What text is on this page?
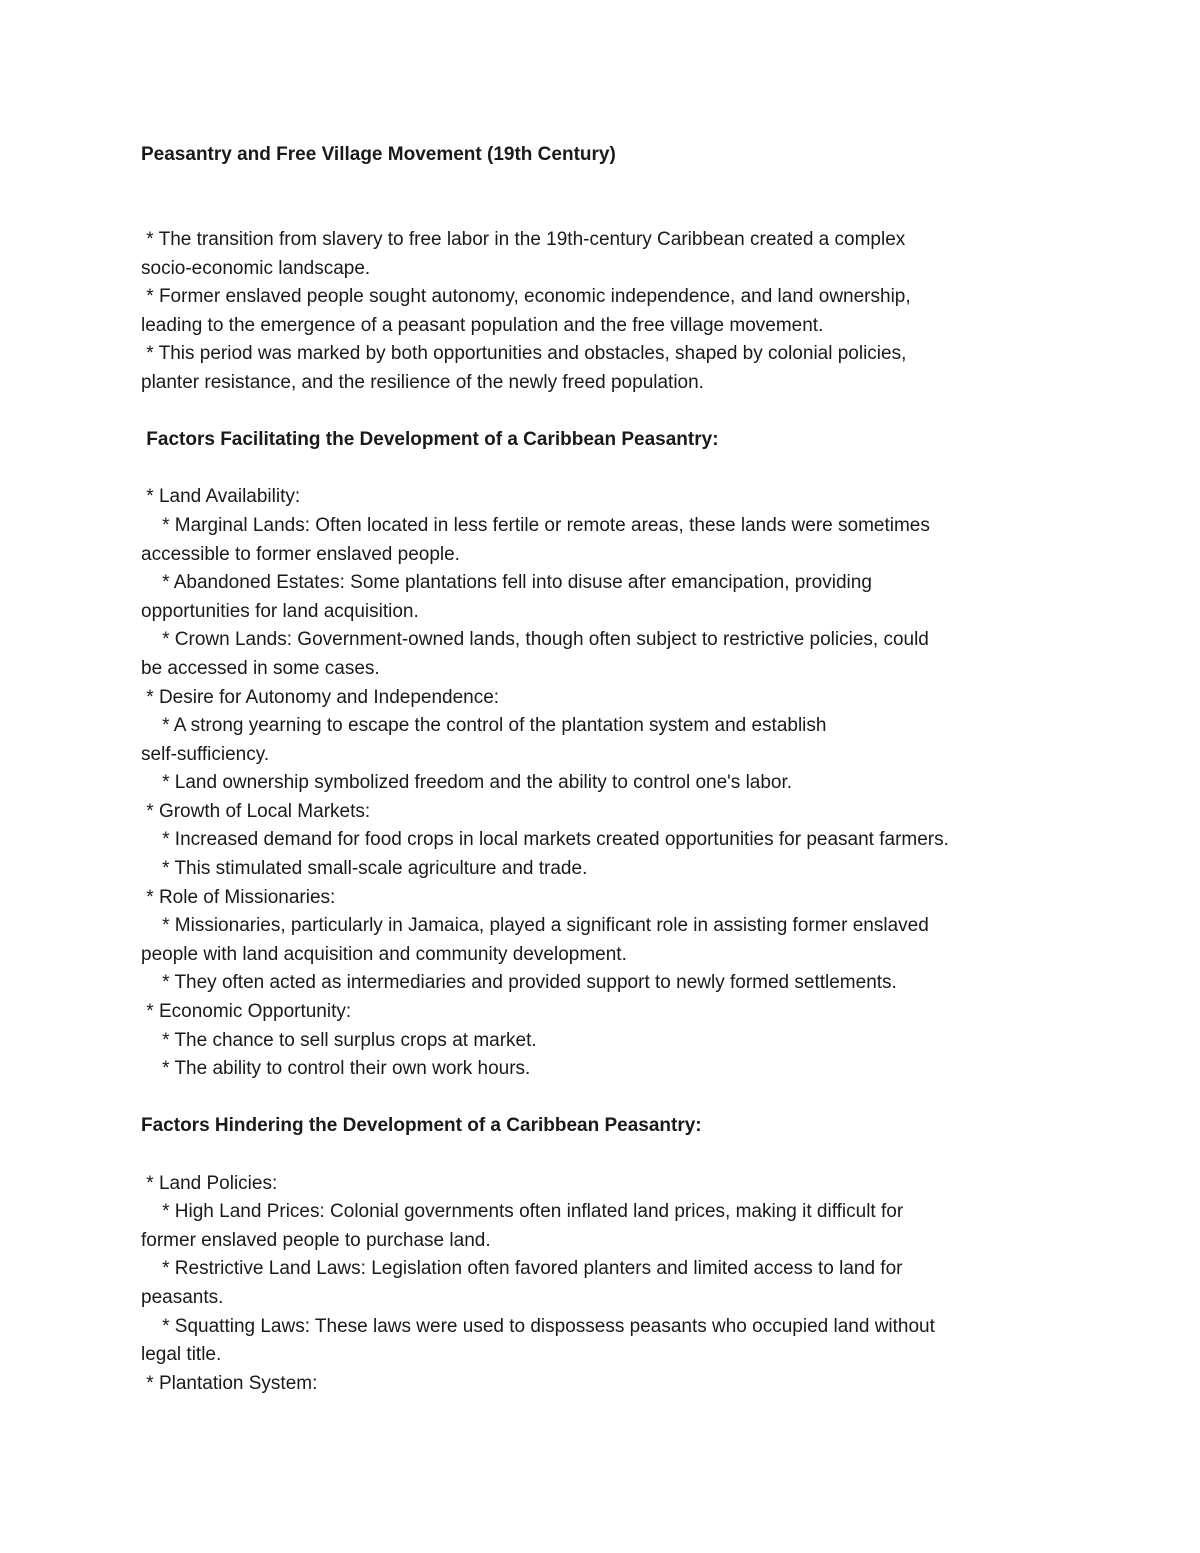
Peasantry and Free Village Movement (19th Century)

* The transition from slavery to free labor in the 19th-century Caribbean created a complex

socio-economic landscape.

* Former enslaved people sought autonomy, economic independence, and land ownership,

leading to the emergence of a peasant population and the free village movement.

* This period was marked by both opportunities and obstacles, shaped by colonial policies,

planter resistance, and the resilience of the newly freed population.

Factors Facilitating the Development of a Caribbean Peasantry:

* Land Availability:

* Marginal Lands: Often located in less fertile or remote areas, these lands were sometimes

accessible to former enslaved people.

* Abandoned Estates: Some plantations fell into disuse after emancipation, providing

opportunities for land acquisition.

* Crown Lands: Government-owned lands, though often subject to restrictive policies, could

be accessed in some cases.

* Desire for Autonomy and Independence:

* A strong yearning to escape the control of the plantation system and establish

self-sufficiency.

* Land ownership symbolized freedom and the ability to control one's labor.

* Growth of Local Markets:

* Increased demand for food crops in local markets created opportunities for peasant farmers.

* This stimulated small-scale agriculture and trade.

* Role of Missionaries:

* Missionaries, particularly in Jamaica, played a significant role in assisting former enslaved

people with land acquisition and community development.

* They often acted as intermediaries and provided support to newly formed settlements.

* Economic Opportunity:

* The chance to sell surplus crops at market.

* The ability to control their own work hours.

Factors Hindering the Development of a Caribbean Peasantry:

* Land Policies:

* High Land Prices: Colonial governments often inflated land prices, making it difficult for

former enslaved people to purchase land.

* Restrictive Land Laws: Legislation often favored planters and limited access to land for

peasants.

* Squatting Laws: These laws were used to dispossess peasants who occupied land without

legal title.

* Plantation System:
